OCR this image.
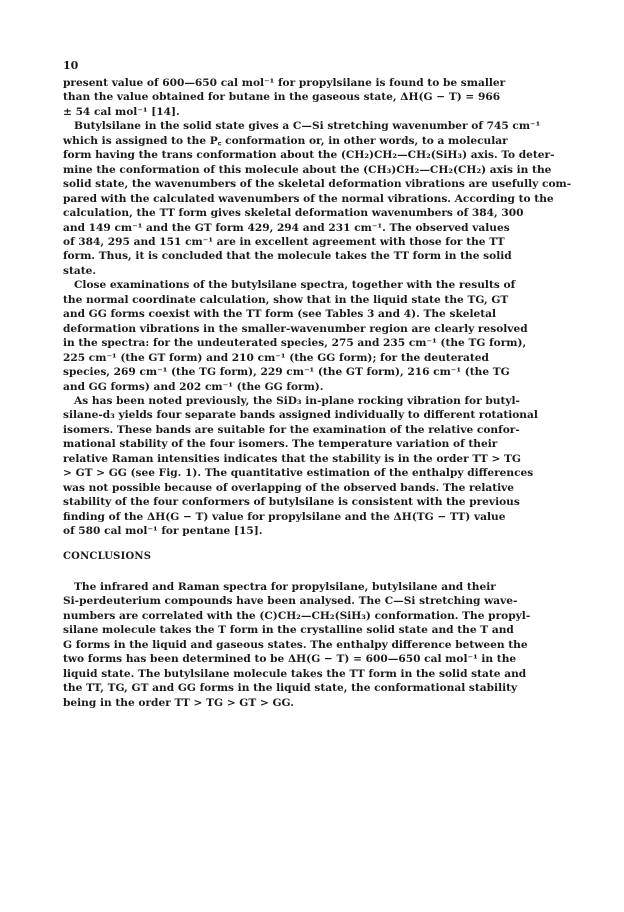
10
present value of 600—650 cal mol⁻¹ for propylsilane is found to be smaller
than the value obtained for butane in the gaseous state, ΔH(G − T) = 966
± 54 cal mol⁻¹ [14].
Butylsilane in the solid state gives a C—Si stretching wavenumber of 745 cm⁻¹
which is assigned to the P꜀ conformation or, in other words, to a molecular
form having the trans conformation about the (CH₂)CH₂—CH₂(SiH₃) axis. To deter-
mine the conformation of this molecule about the (CH₃)CH₂—CH₂(CH₂) axis in the
solid state, the wavenumbers of the skeletal deformation vibrations are usefully com-
pared with the calculated wavenumbers of the normal vibrations. According to the
calculation, the TT form gives skeletal deformation wavenumbers of 384, 300
and 149 cm⁻¹ and the GT form 429, 294 and 231 cm⁻¹. The observed values
of 384, 295 and 151 cm⁻¹ are in excellent agreement with those for the TT
form. Thus, it is concluded that the molecule takes the TT form in the solid
state.
Close examinations of the butylsilane spectra, together with the results of
the normal coordinate calculation, show that in the liquid state the TG, GT
and GG forms coexist with the TT form (see Tables 3 and 4). The skeletal
deformation vibrations in the smaller-wavenumber region are clearly resolved
in the spectra: for the undeuterated species, 275 and 235 cm⁻¹ (the TG form),
225 cm⁻¹ (the GT form) and 210 cm⁻¹ (the GG form); for the deuterated
species, 269 cm⁻¹ (the TG form), 229 cm⁻¹ (the GT form), 216 cm⁻¹ (the TG
and GG forms) and 202 cm⁻¹ (the GG form).
As has been noted previously, the SiD₃ in-plane rocking vibration for butyl-
silane-d₃ yields four separate bands assigned individually to different rotational
isomers. These bands are suitable for the examination of the relative confor-
mational stability of the four isomers. The temperature variation of their
relative Raman intensities indicates that the stability is in the order TT > TG
> GT > GG (see Fig. 1). The quantitative estimation of the enthalpy differences
was not possible because of overlapping of the observed bands. The relative
stability of the four conformers of butylsilane is consistent with the previous
finding of the ΔH(G − T) value for propylsilane and the ΔH(TG − TT) value
of 580 cal mol⁻¹ for pentane [15].
CONCLUSIONS
The infrared and Raman spectra for propylsilane, butylsilane and their
Si-perdeuterium compounds have been analysed. The C—Si stretching wave-
numbers are correlated with the (C)CH₂—CH₂(SiH₃) conformation. The propyl-
silane molecule takes the T form in the crystalline solid state and the T and
G forms in the liquid and gaseous states. The enthalpy difference between the
two forms has been determined to be ΔH(G − T) = 600—650 cal mol⁻¹ in the
liquid state. The butylsilane molecule takes the TT form in the solid state and
the TT, TG, GT and GG forms in the liquid state, the conformational stability
being in the order TT > TG > GT > GG.
